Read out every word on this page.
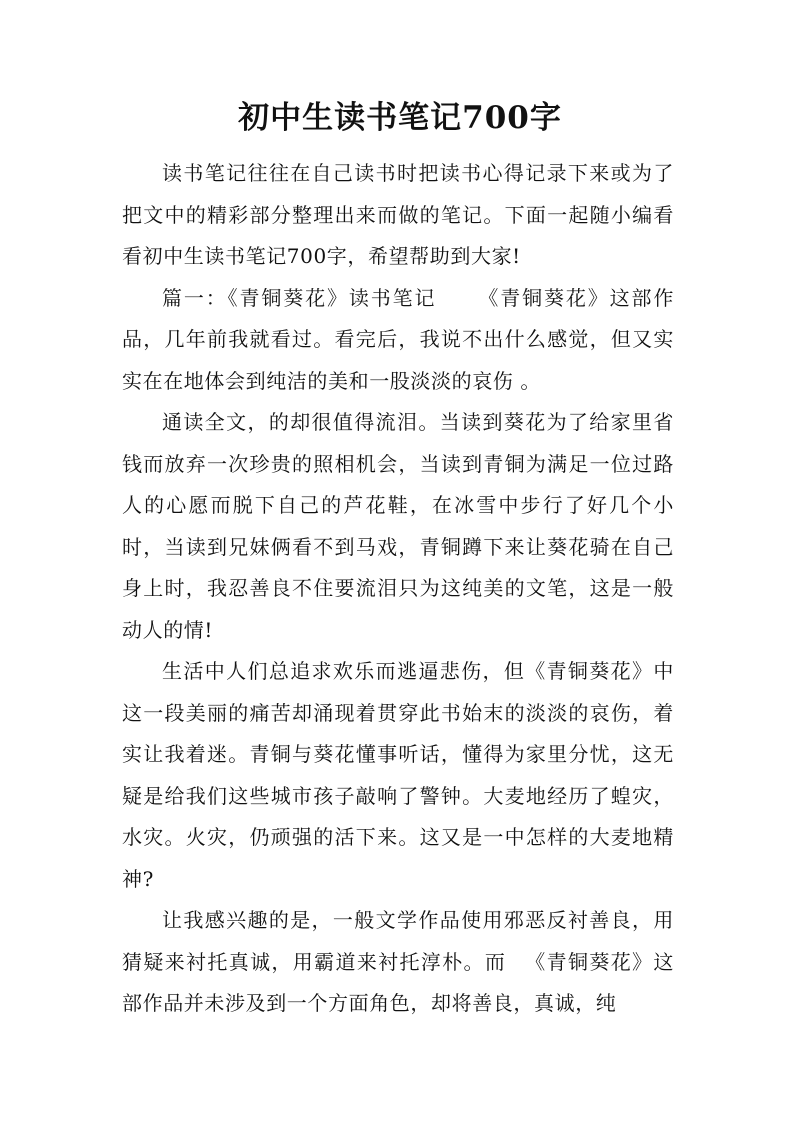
初中生读书笔记700字

读书笔记往往在自己读书时把读书心得记录下来或为了把文中的精彩部分整理出来而做的笔记。下面一起随小编看看初中生读书笔记700字，希望帮助到大家!

篇一：《青铜葵花》读书笔记 　　《青铜葵花》这部作品，几年前我就看过。看完后，我说不出什么感觉，但又实实在在地体会到纯洁的美和一股淡淡的哀伤 。

通读全文，的却很值得流泪。当读到葵花为了给家里省钱而放弃一次珍贵的照相机会，当读到青铜为满足一位过路人的心愿而脱下自己的芦花鞋，在冰雪中步行了好几个小时，当读到兄妹俩看不到马戏，青铜蹲下来让葵花骑在自己身上时，我忍善良不住要流泪只为这纯美的文笔，这是一般动人的情!

生活中人们总追求欢乐而逃逼悲伤，但《青铜葵花》中这一段美丽的痛苦却涌现着贯穿此书始末的淡淡的哀伤，着实让我着迷。青铜与葵花懂事听话，懂得为家里分忧，这无疑是给我们这些城市孩子敲响了警钟。大麦地经历了蝗灾，水灾。火灾，仍顽强的活下来。这又是一中怎样的大麦地精神?

让我感兴趣的是，一般文学作品使用邪恶反衬善良，用猜疑来衬托真诚，用霸道来衬托淳朴。而 　《青铜葵花》这部作品并未涉及到一个方面角色，却将善良，真诚，纯
